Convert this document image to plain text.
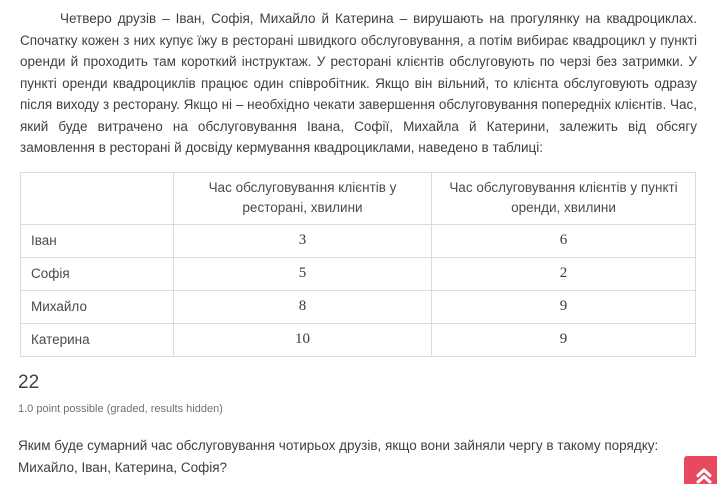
Четверо друзів – Іван, Софія, Михайло й Катерина – вирушають на прогулянку на квадроциклах. Спочатку кожен з них купує їжу в ресторані швидкого обслуговування, а потім вибирає квадроцикл у пункті оренди й проходить там короткий інструктаж. У ресторані клієнтів обслуговують по черзі без затримки. У пункті оренди квадроциклів працює один співробітник. Якщо він вільний, то клієнта обслуговують одразу після виходу з ресторану. Якщо ні – необхідно чекати завершення обслуговування попередніх клієнтів. Час, який буде витрачено на обслуговування Івана, Софії, Михайла й Катерини, залежить від обсягу замовлення в ресторані й досвіду кермування квадроциклами, наведено в таблиці:

	Час обслуговування клієнтів у ресторані, хвилини	Час обслуговування клієнтів у пункті оренди, хвилини
Іван	3	6
Софія	5	2
Михайло	8	9
Катерина	10	9
22
1.0 point possible (graded, results hidden)

Яким буде сумарний час обслуговування чотирьох друзів, якщо вони зайняли чергу в такому порядку: Михайло, Іван, Катерина, Софія?
